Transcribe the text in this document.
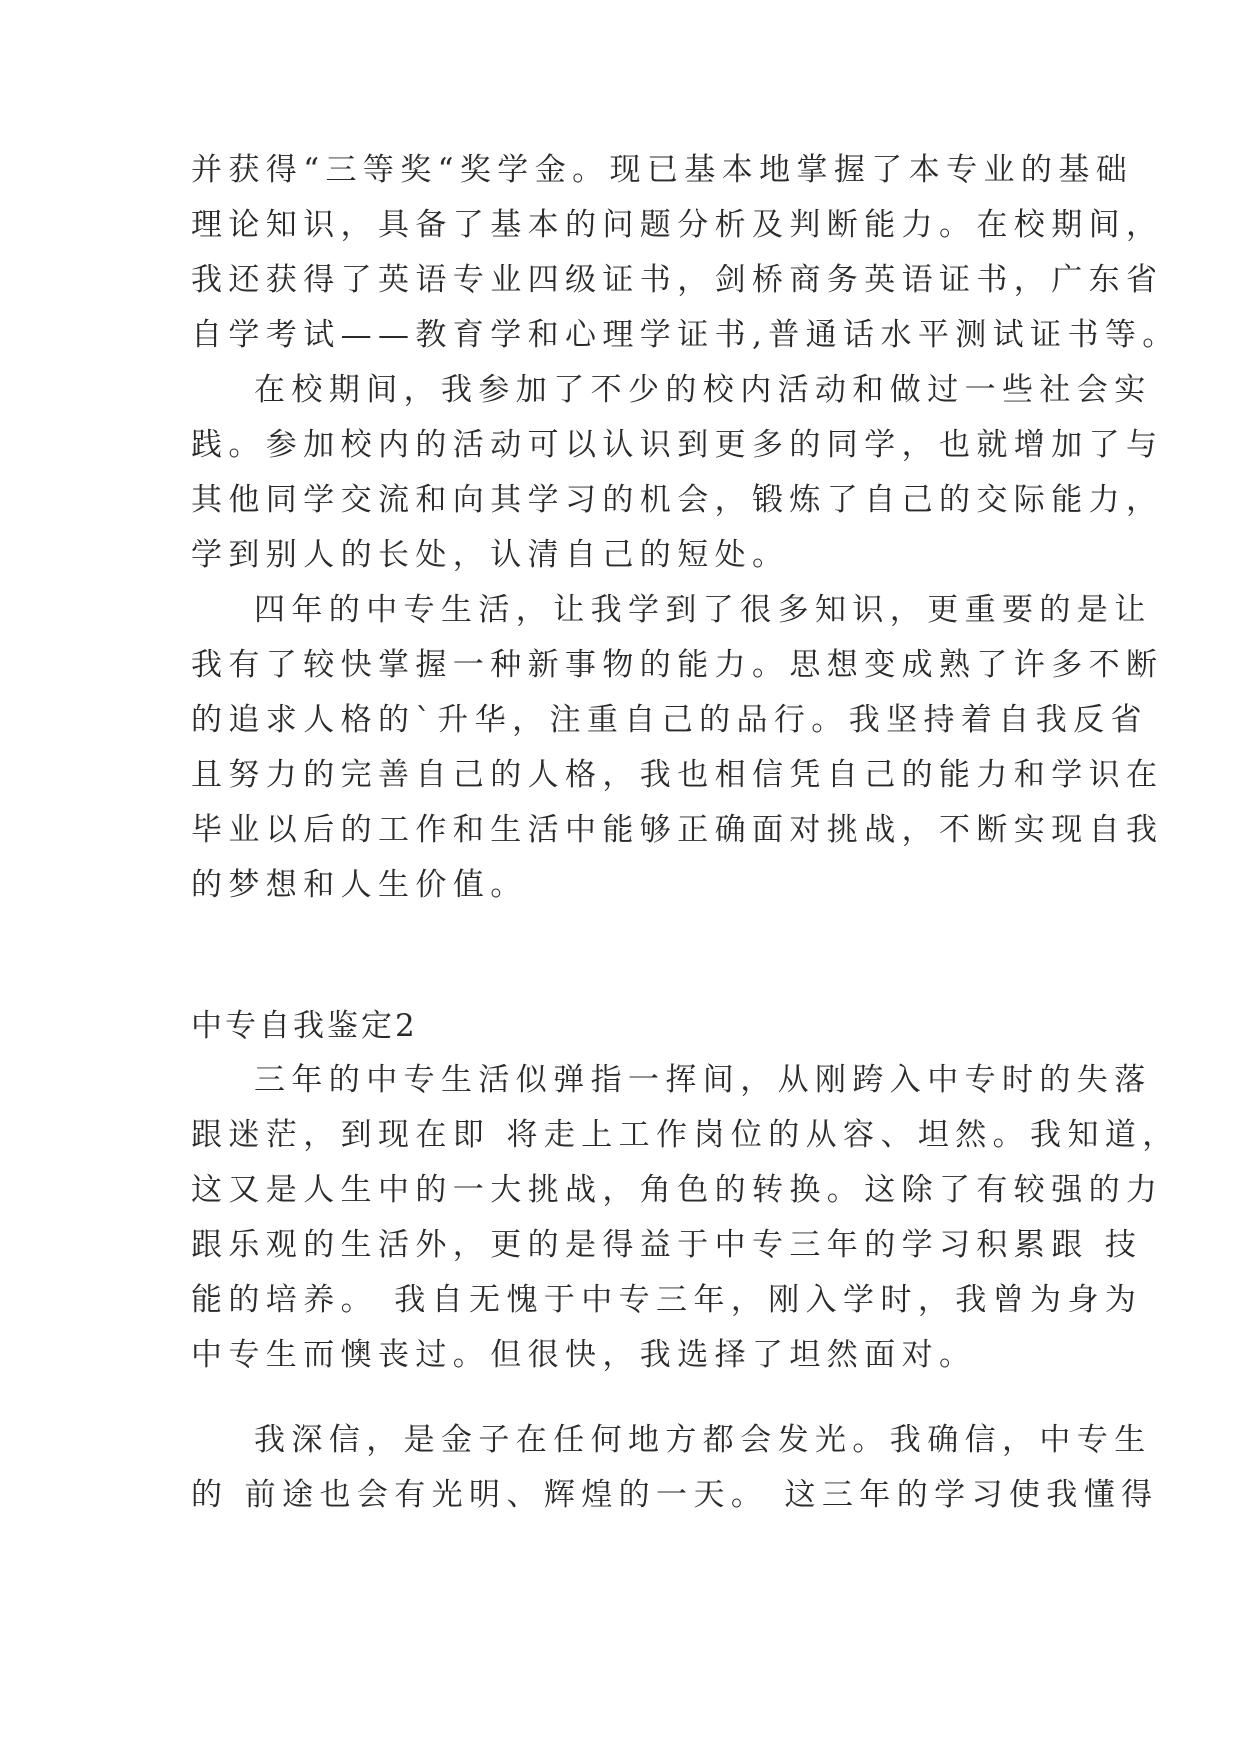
并获得“三等奖“奖学金。现已基本地掌握了本专业的基础
理论知识，具备了基本的问题分析及判断能力。在校期间，
我还获得了英语专业四级证书，剑桥商务英语证书，广东省
自学考试——教育学和心理学证书,普通话水平测试证书等。
在校期间，我参加了不少的校内活动和做过一些社会实
践。参加校内的活动可以认识到更多的同学，也就增加了与
其他同学交流和向其学习的机会，锻炼了自己的交际能力，
学到别人的长处，认清自己的短处。
四年的中专生活，让我学到了很多知识，更重要的是让
我有了较快掌握一种新事物的能力。思想变成熟了许多不断
的追求人格的`升华，注重自己的品行。我坚持着自我反省
且努力的完善自己的人格，我也相信凭自己的能力和学识在
毕业以后的工作和生活中能够正确面对挑战，不断实现自我
的梦想和人生价值。
中专自我鉴定2
三年的中专生活似弹指一挥间，从刚跨入中专时的失落
跟迷茫，到现在即 将走上工作岗位的从容、坦然。我知道，
这又是人生中的一大挑战，角色的转换。这除了有较强的力
跟乐观的生活外，更的是得益于中专三年的学习积累跟 技
能的培养。 我自无愧于中专三年，刚入学时，我曾为身为
中专生而懊丧过。但很快，我选择了坦然面对。
我深信，是金子在任何地方都会发光。我确信，中专生
的 前途也会有光明、辉煌的一天。 这三年的学习使我懂得
